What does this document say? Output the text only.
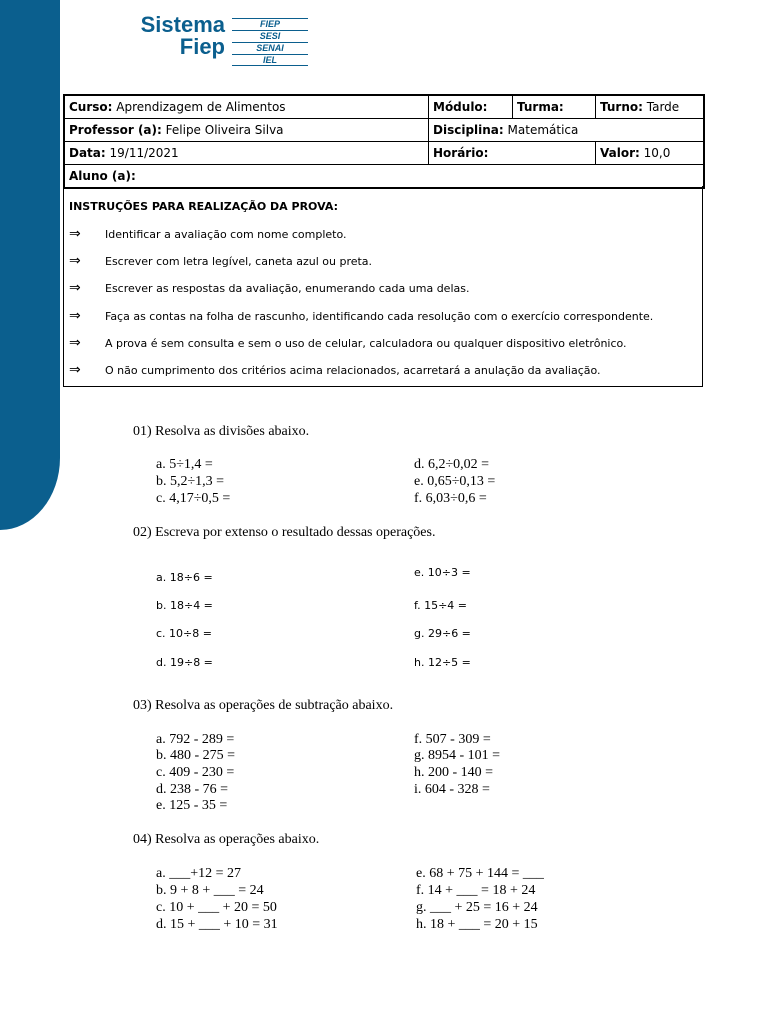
Sistema
Fiep
FIEP
SESI
SENAI
IEL
Curso: Aprendizagem de Alimentos	Módulo:	Turma:	Turno: Tarde
Professor (a): Felipe Oliveira Silva	Disciplina: Matemática		
Data: 19/11/2021	Horário:		Valor: 10,0
Aluno (a):			
INSTRUÇÕES PARA REALIZAÇÃO DA PROVA:
⇒ Identificar a avaliação com nome completo.
⇒ Escrever com letra legível, caneta azul ou preta.
⇒ Escrever as respostas da avaliação, enumerando cada uma delas.
⇒ Faça as contas na folha de rascunho, identificando cada resolução com o exercício correspondente.
⇒ A prova é sem consulta e sem o uso de celular, calculadora ou qualquer dispositivo eletrônico.
⇒ O não cumprimento dos critérios acima relacionados, acarretará a anulação da avaliação.
01) Resolva as divisões abaixo.
a. 5÷1,4 =
b. 5,2÷1,3 =
c. 4,17÷0,5 =
d. 6,2÷0,02 =
e. 0,65÷0,13 =
f. 6,03÷0,6 =
02) Escreva por extenso o resultado dessas operações.
a. 18÷6 =
b. 18÷4 =
c. 10÷8 =
d. 19÷8 =
e. 10÷3 =
f. 15÷4 =
g. 29÷6 =
h. 12÷5 =
03) Resolva as operações de subtração abaixo.
a. 792 - 289 =
b. 480 - 275 =
c. 409 - 230 =
d. 238 - 76 =
e. 125 - 35 =
f. 507 - 309 =
g. 8954 - 101 =
h. 200 - 140 =
i. 604 - 328 =
04) Resolva as operações abaixo.
a. ___+12 = 27
b. 9 + 8 + ___ = 24
c. 10 + ___ + 20 = 50
d. 15 + ___ + 10 = 31
e. 68 + 75 + 144 = ___
f. 14 + ___ = 18 + 24
g. ___ + 25 = 16 + 24
h. 18 + ___ = 20 + 15
